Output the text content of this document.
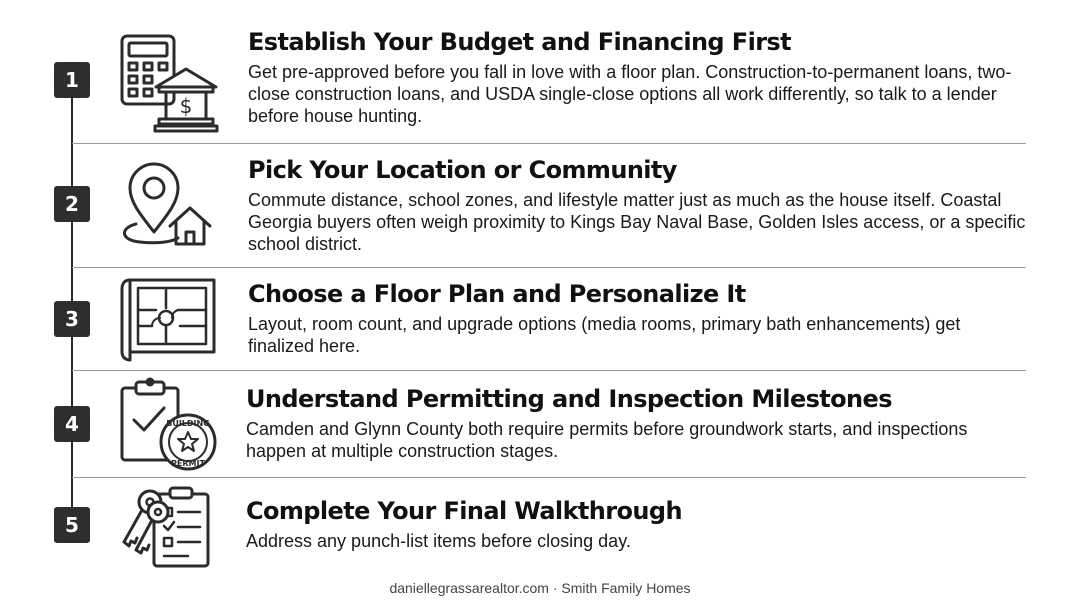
1
$
Establish Your Budget and Financing First
Get pre-approved before you fall in love with a floor plan. Construction-to-permanent loans, two-close construction loans, and USDA single-close options all work differently, so talk to a lender before house hunting.
2
Pick Your Location or Community
Commute distance, school zones, and lifestyle matter just as much as the house itself. Coastal Georgia buyers often weigh proximity to Kings Bay Naval Base, Golden Isles access, or a specific school district.
3
Choose a Floor Plan and Personalize It
Layout, room count, and upgrade options (media rooms, primary bath enhancements) get finalized here.
4	BUILDING
PERMIT
Understand Permitting and Inspection Milestones
Camden and Glynn County both require permits before groundwork starts, and inspections happen at multiple construction stages.
5	Complete Your Final Walkthrough
Address any punch-list items before closing day.
daniellegrassarealtor.com · Smith Family Homes
